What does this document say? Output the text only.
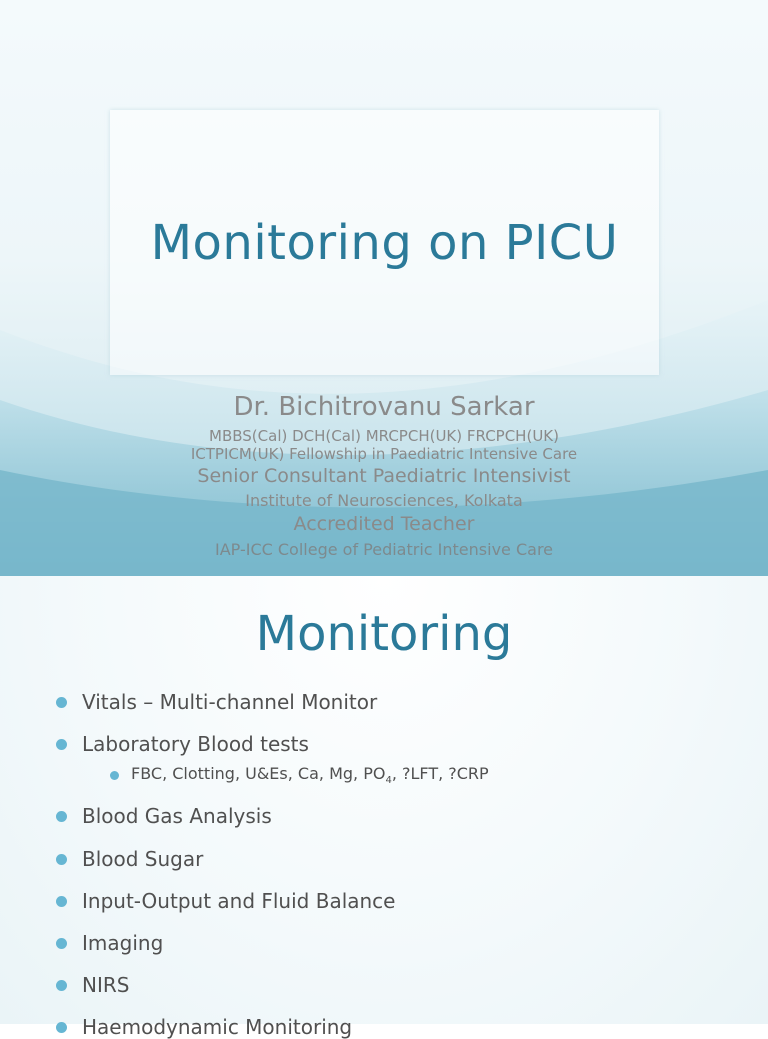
Monitoring on PICU
Dr. Bichitrovanu Sarkar
MBBS(Cal) DCH(Cal) MRCPCH(UK) FRCPCH(UK)
ICTPICM(UK) Fellowship in Paediatric Intensive Care
Senior Consultant Paediatric Intensivist
Institute of Neurosciences, Kolkata
Accredited Teacher
IAP-ICC College of Pediatric Intensive Care
Monitoring
Vitals – Multi-channel Monitor
Laboratory Blood tests
FBC, Clotting, U&Es, Ca, Mg, $PO_4$, ?LFT, ?CRP
Blood Gas Analysis
Blood Sugar
Input-Output and Fluid Balance
Imaging
NIRS
Haemodynamic Monitoring
